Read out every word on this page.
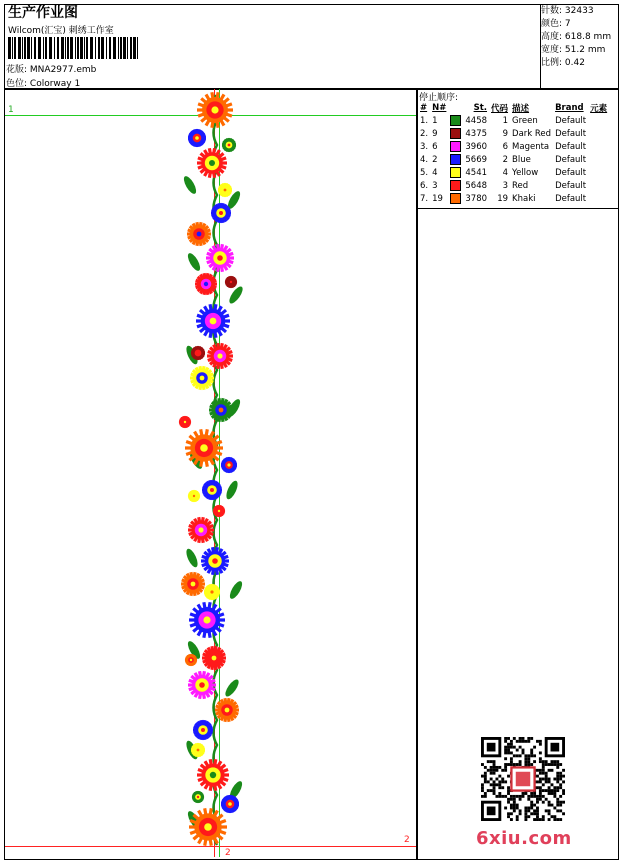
生产作业图
Wilcom(汇宝) 刺绣工作室
花版: MNA2977.emb
色位: Colorway 1
针数: 32433
颜色: 7
高度: 618.8 mm
宽度: 51.2 mm
比例: 0.42
停止顺序:
#	N#		St.	代码	描述	Brand	元素
1.	1		4458	1	Green	Default	
2.	9		4375	9	Dark Red	Default	
3.	6		3960	6	Magenta	Default	
4.	2		5669	2	Blue	Default	
5.	4		4541	4	Yellow	Default	
6.	3		5648	3	Red	Default	
7.	19		3780	19	Khaki	Default	
1
2
2
6xiu.com
